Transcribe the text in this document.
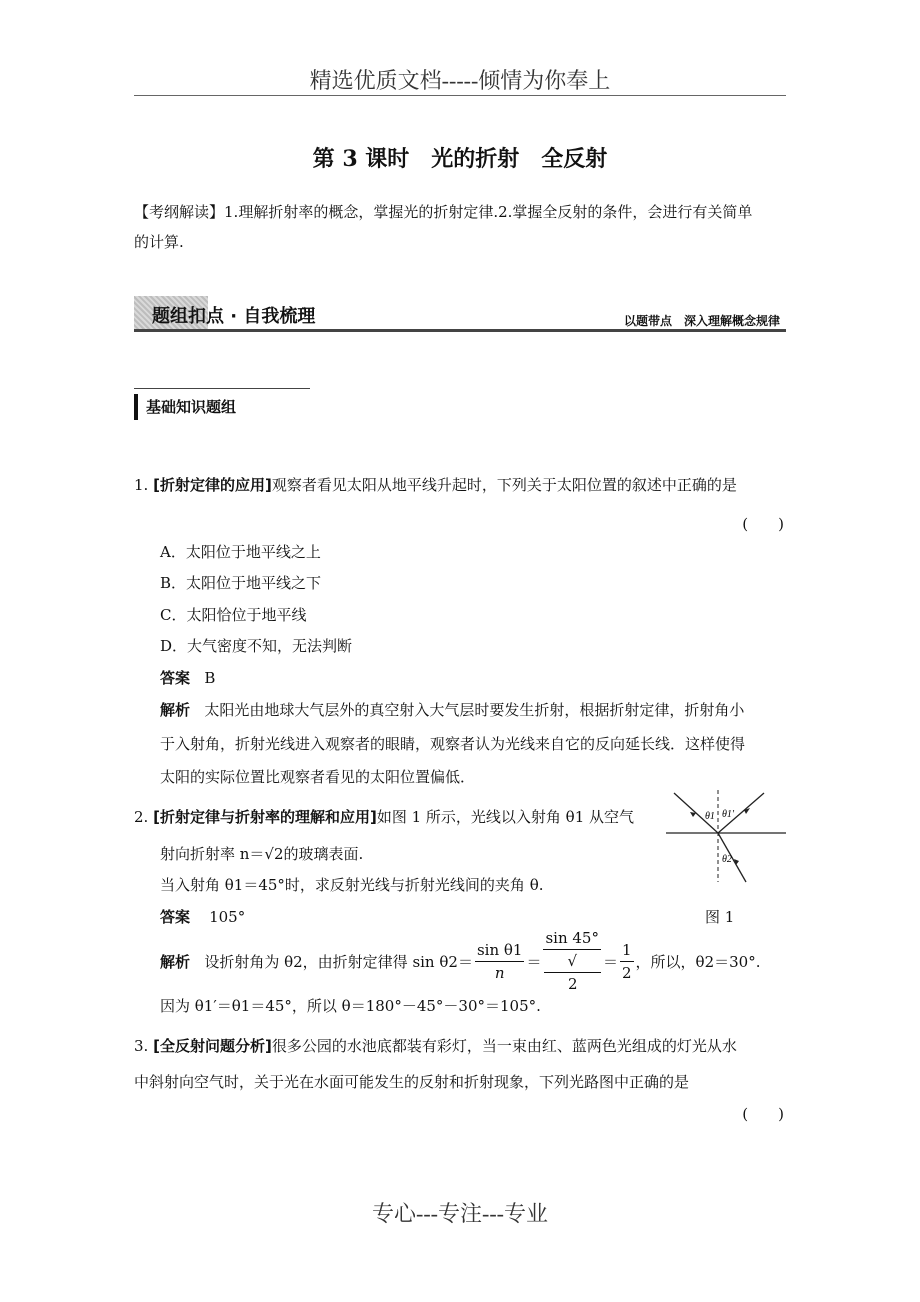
精选优质文档-----倾情为你奉上
第 3 课时　光的折射　全反射
【考纲解读】1.理解折射率的概念，掌握光的折射定律.2.掌握全反射的条件，会进行有关简单
的计算.
题组扣点 · 自我梳理	以题带点　深入理解概念规律
基础知识题组
1. [折射定律的应用]观察者看见太阳从地平线升起时，下列关于太阳位置的叙述中正确的是
(　　)
A．太阳位于地平线之上
B．太阳位于地平线之下
C．太阳恰位于地平线
D．大气密度不知，无法判断
答案 B
解析 太阳光由地球大气层外的真空射入大气层时要发生折射，根据折射定律，折射角小
于入射角，折射光线进入观察者的眼睛，观察者认为光线来自它的反向延长线．这样使得
太阳的实际位置比观察者看见的太阳位置偏低．
2. [折射定律与折射率的理解和应用]如图 1 所示，光线以入射角 θ1 从空气
射向折射率 n＝√2的玻璃表面.
当入射角 θ1＝45°时，求反射光线与折射光线间的夹角 θ.
答案 105°
θ1 θ1′
θ2
图 1
解析
设折射角为 θ2，由折射定律得 $\sin \theta 2= \frac{\text{sin θ1}}{n} = \sin 45^\circ$
√
$2 = \frac{1}{2}$ ，所以，θ2＝30°.
因为 θ1′＝θ1＝45°，所以 θ＝180°－45°－30°＝105°.
3. [全反射问题分析]很多公园的水池底都装有彩灯，当一束由红、蓝两色光组成的灯光从水
中斜射向空气时，关于光在水面可能发生的反射和折射现象，下列光路图中正确的是
(　　)
专心---专注---专业
